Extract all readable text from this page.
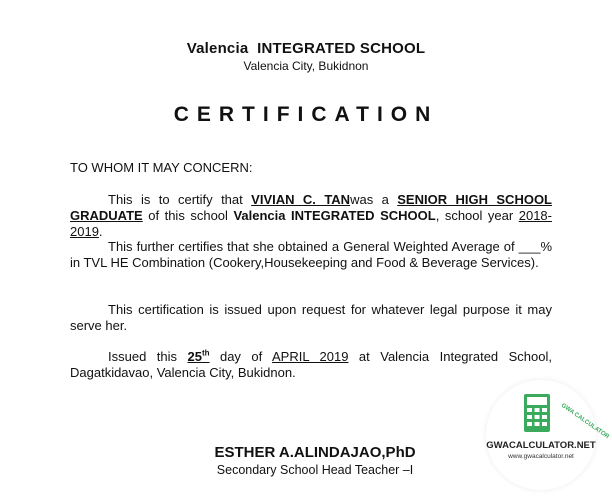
Valencia  INTEGRATED SCHOOL
Valencia City, Bukidnon
CERTIFICATION
TO WHOM IT MAY CONCERN:
This is to certify that VIVIAN C. TANwas a SENIOR HIGH SCHOOL GRADUATE of this school Valencia INTEGRATED SCHOOL, school year 2018-2019.
This further certifies that she obtained a General Weighted Average of ___% in TVL HE Combination (Cookery,Housekeeping and Food & Beverage Services).
This certification is issued upon request for whatever legal purpose it may serve her.
Issued this 25th day of APRIL 2019 at Valencia Integrated School, Dagatkidavao, Valencia City, Bukidnon.
ESTHER A.ALINDAJAO,PhD
Secondary School Head Teacher –I
GWA CALCULATOR
GWACALCULATOR.NET
www.gwacalculator.net
